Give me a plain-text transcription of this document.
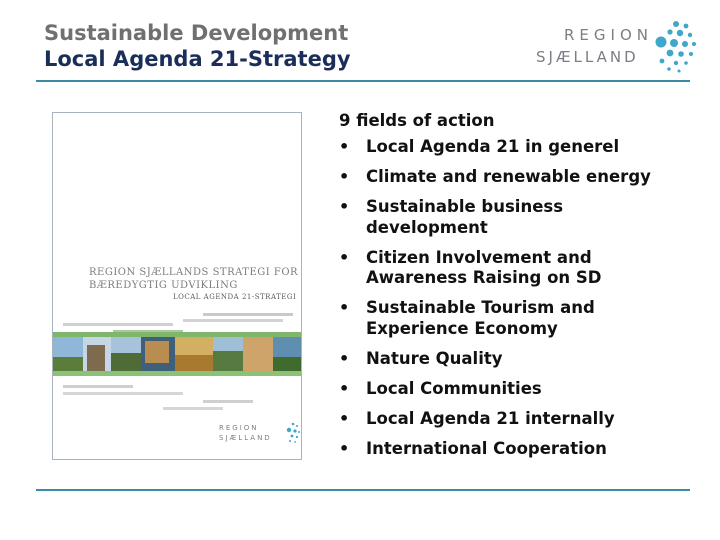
Sustainable Development
Local Agenda 21-Strategy
REGION
SJÆLLAND
REGION SJÆLLANDS STRATEGI FOR
BÆREDYGTIG UDVIKLING
LOCAL AGENDA 21-STRATEGI
REGION
SJÆLLAND

9 fields of action

• Local Agenda 21 in generel
• Climate and renewable energy
• Sustainable business development
• Citizen Involvement and Awareness Raising on SD
• Sustainable Tourism and Experience Economy
• Nature Quality
• Local Communities
• Local Agenda 21 internally
• International Cooperation
